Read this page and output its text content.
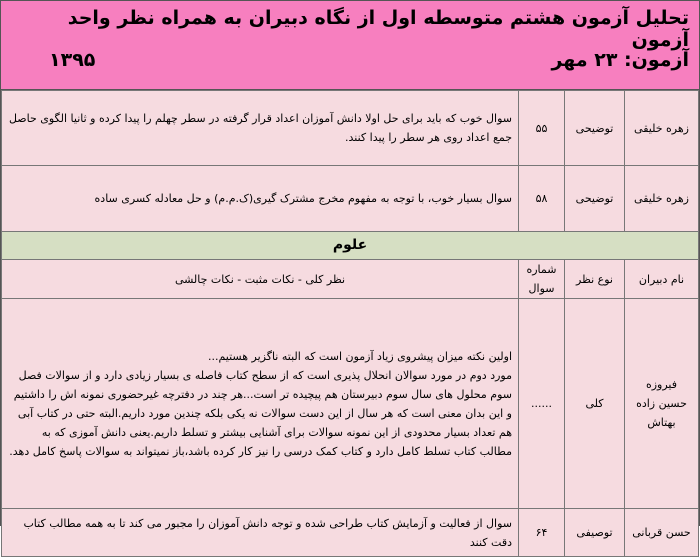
تحلیل آزمون هشتم متوسطه اول از نگاه دبیران به همراه نظر واحد آزمون
آزمون: ۲۳ مهر
۱۳۹۵
زهره خلیقی	توضیحی	۵۵	سوال خوب که باید برای حل اولا دانش آموزان اعداد قرار گرفته در سطر چهلم را پیدا کرده و ثانیا الگوی حاصل جمع اعداد روی هر سطر را پیدا کنند.
زهره خلیقی	توضیحی	۵۸	سوال بسیار خوب، با توجه به مفهوم مخرج مشترک گیری(ک.م.م) و حل معادله کسری ساده
علوم			
نام دبیران	نوع نظر	شماره سوال	نظر کلی - نکات مثبت - نکات چالشی
فیروزه حسین زاده بهتاش	کلی	......	اولین نکته میزان پیشروی زیاد آزمون است که البته ناگزیر هستیم...
مورد دوم در مورد سوالان انحلال پذیری است که از سطح کتاب فاصله ی بسیار زیادی دارد و از سوالات فصل سوم محلول های سال سوم دبیرستان هم پیچیده تر است...هر چند در دفترچه غیرحضوری نمونه اش را داشتیم و این بدان معنی است که هر سال از این دست سوالات نه یکی بلکه چندین مورد داریم.البته حتی در کتاب آبی هم تعداد بسیار محدودی از این نمونه سوالات برای آشنایی بیشتر و تسلط داریم.یعنی دانش آموزی که به مطالب کتاب تسلط کامل دارد و کتاب کمک درسی را نیز کار کرده باشد،باز نمیتواند به سوالات پاسخ کامل دهد.

حسن قربانی	توصیفی	۶۴	سوال از فعالیت و آزمایش کتاب طراحی شده و توجه دانش آموزان را مجبور می کند تا به همه مطالب کتاب دقت کنند
